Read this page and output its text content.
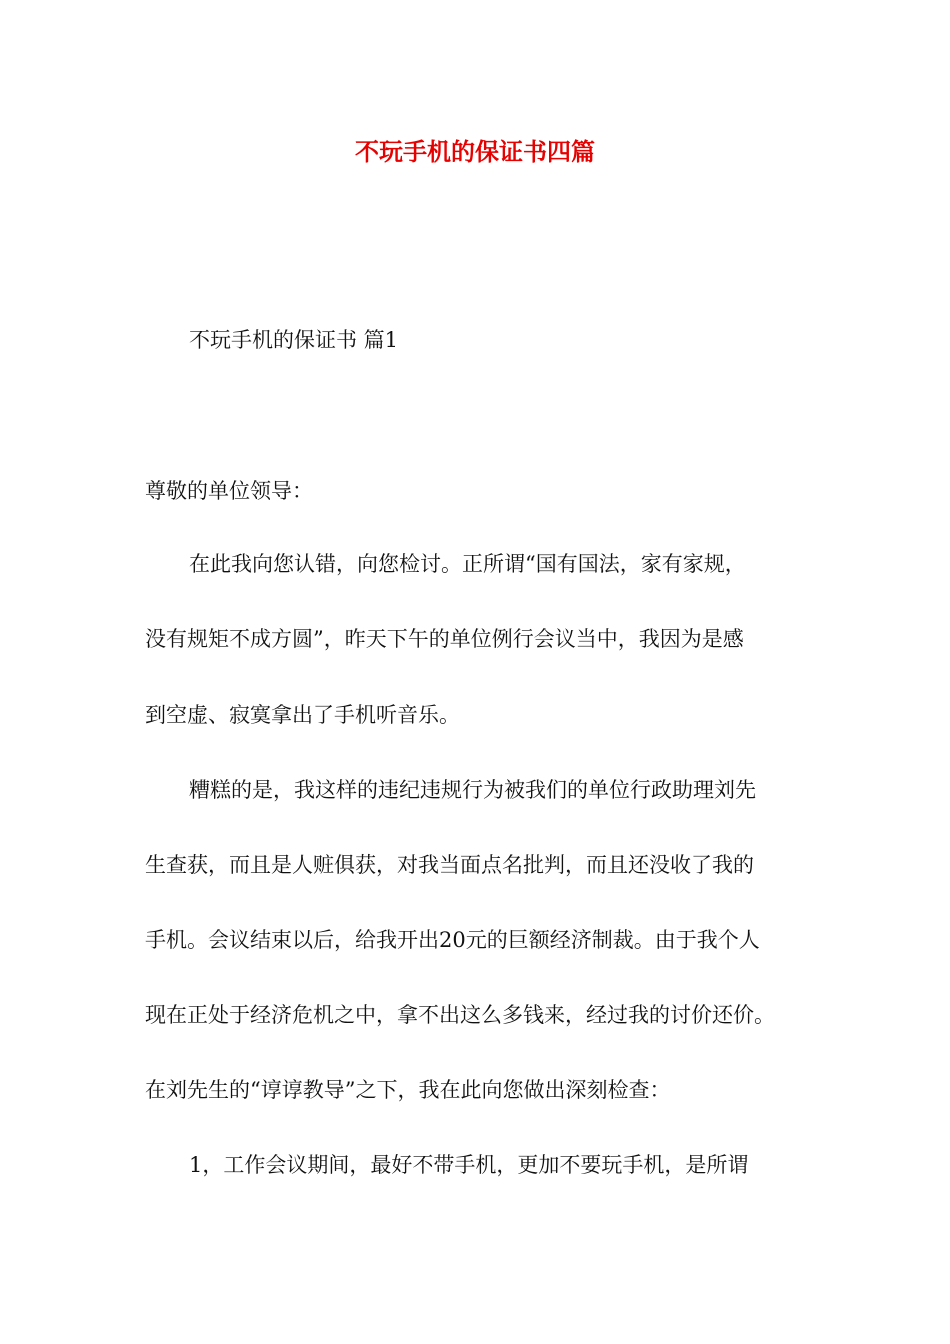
不玩手机的保证书四篇
不玩手机的保证书 篇1
尊敬的单位领导：
在此我向您认错，向您检讨。正所谓“国有国法，家有家规，
没有规矩不成方圆”，昨天下午的单位例行会议当中，我因为是感
到空虚、寂寞拿出了手机听音乐。
糟糕的是，我这样的违纪违规行为被我们的单位行政助理刘先
生查获，而且是人赃俱获，对我当面点名批判，而且还没收了我的
手机。会议结束以后，给我开出20元的巨额经济制裁。由于我个人
现在正处于经济危机之中，拿不出这么多钱来，经过我的讨价还价。
在刘先生的“谆谆教导”之下，我在此向您做出深刻检查：
1，工作会议期间，最好不带手机，更加不要玩手机，是所谓
